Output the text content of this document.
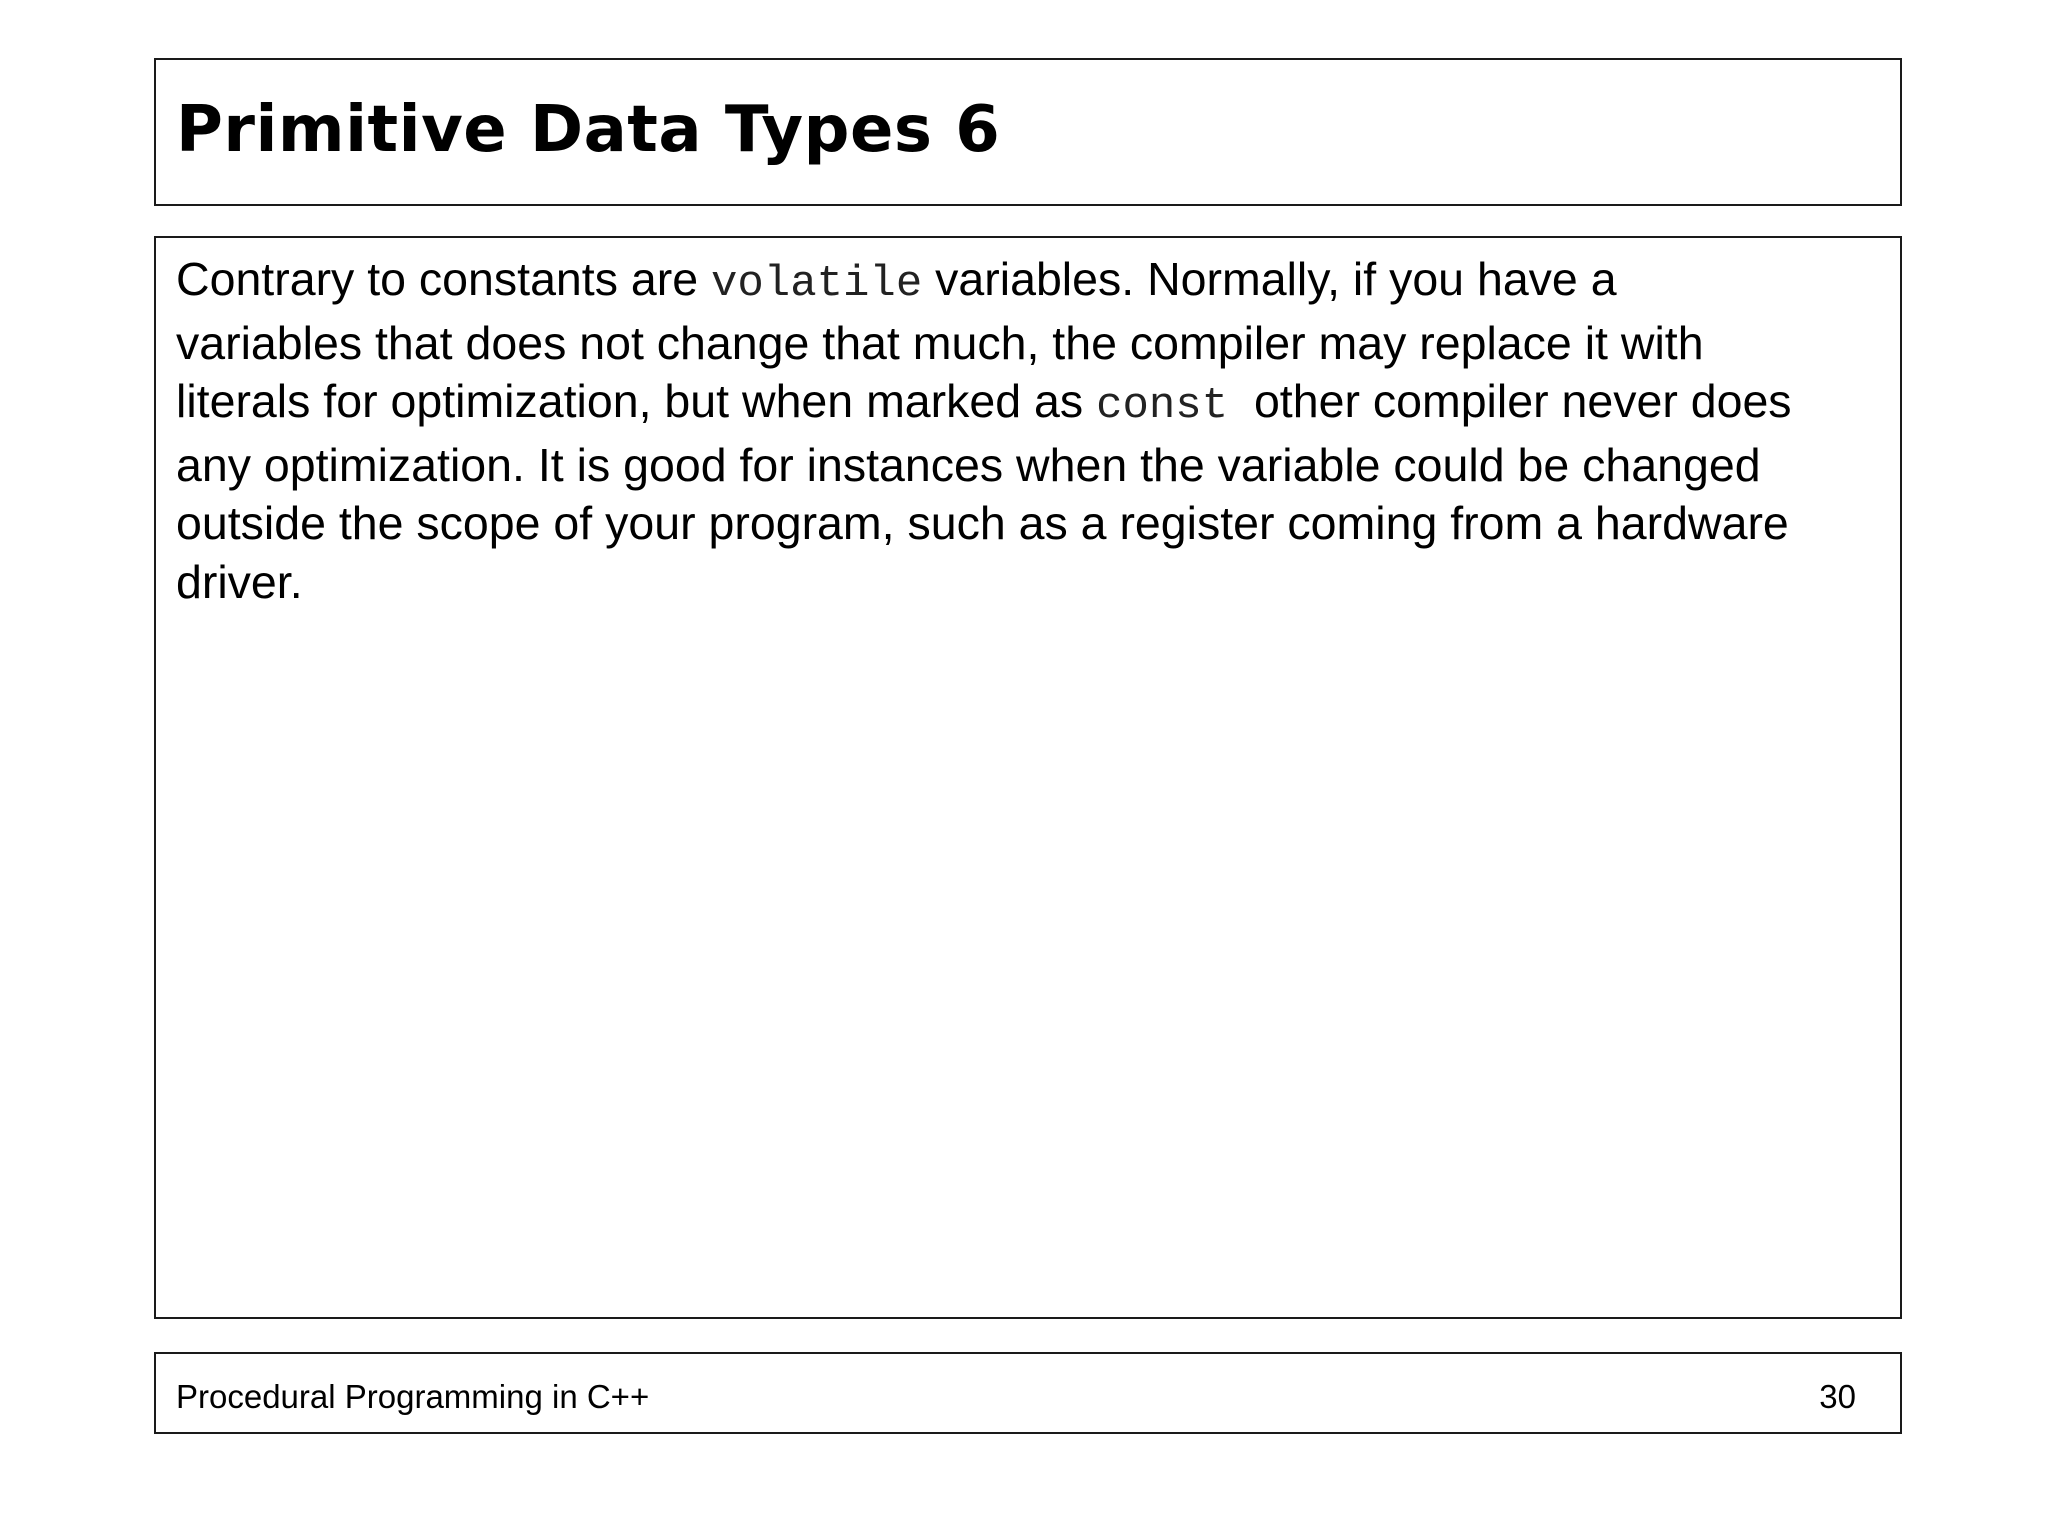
Primitive Data Types 6

Contrary to constants are volatile variables. Normally, if you have a
variables that does not change that much, the compiler may replace it with
literals for optimization, but when marked as const  other compiler never does
any optimization. It is good for instances when the variable could be changed
outside the scope of your program, such as a register coming from a hardware
driver.

Procedural Programming in C++	30
